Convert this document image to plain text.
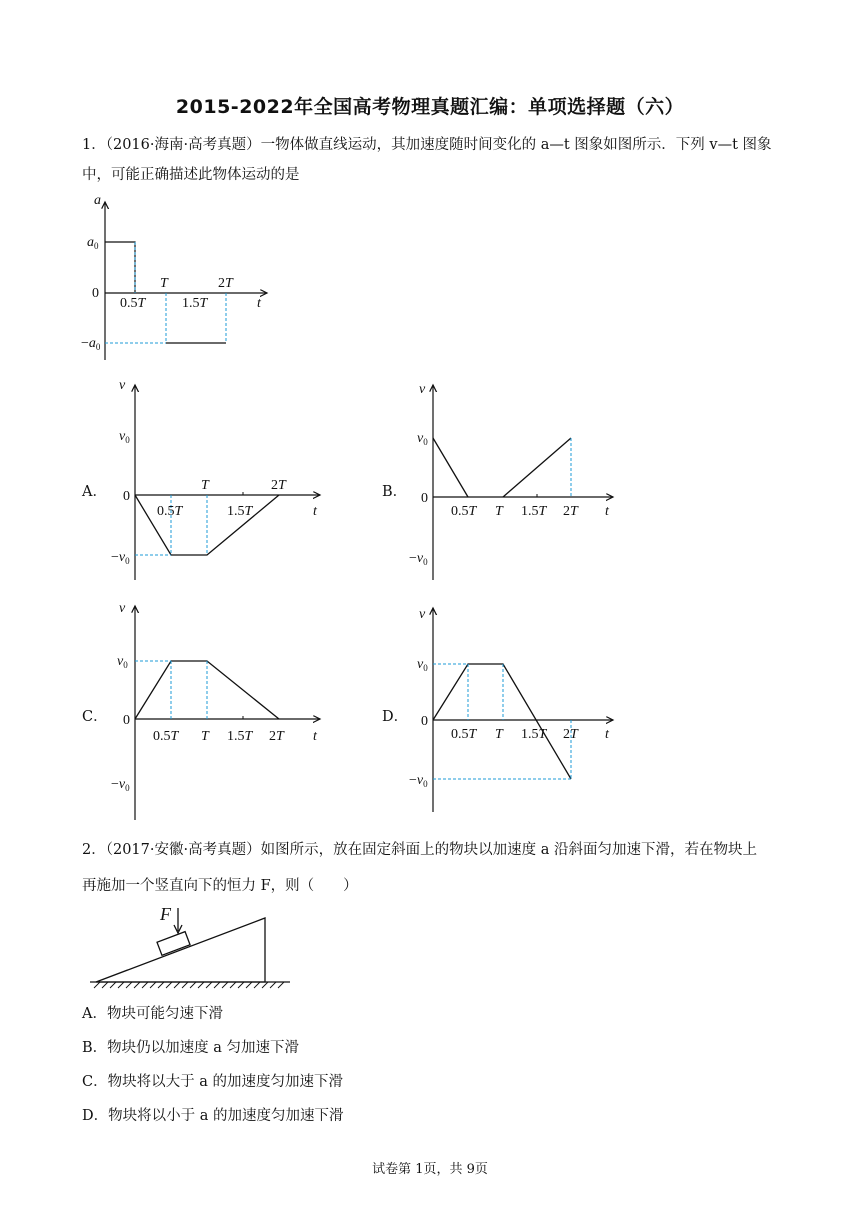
2015-2022年全国高考物理真题汇编：单项选择题（六）
1．（2016·海南·高考真题）一物体做直线运动，其加速度随时间变化的 a—t 图象如图所示．下列 v—t 图象
中，可能正确描述此物体运动的是
a
$a_0$
0
$-a_0$
0.5T
T
1.5T
2T
t
A．
v
$v_0$
0
$-v_0$
0.5T
T
1.5T
2T
t
B．
v
$v_0$
0
$-v_0$
0.5T T 1.5T 2T t
C．
v
$v_0$
0
$-v_0$
0.5T T 1.5T 2T t
D．
v
$v_0$
0
$-v_0$
0.5T T 1.5T 2T t
2．（2017·安徽·高考真题）如图所示，放在固定斜面上的物块以加速度 a 沿斜面匀加速下滑，若在物块上
再施加一个竖直向下的恒力 F，则（　　）
F
A．物块可能匀速下滑
B．物块仍以加速度 a 匀加速下滑
C．物块将以大于 a 的加速度匀加速下滑
D．物块将以小于 a 的加速度匀加速下滑
试卷第 1页，共 9页
